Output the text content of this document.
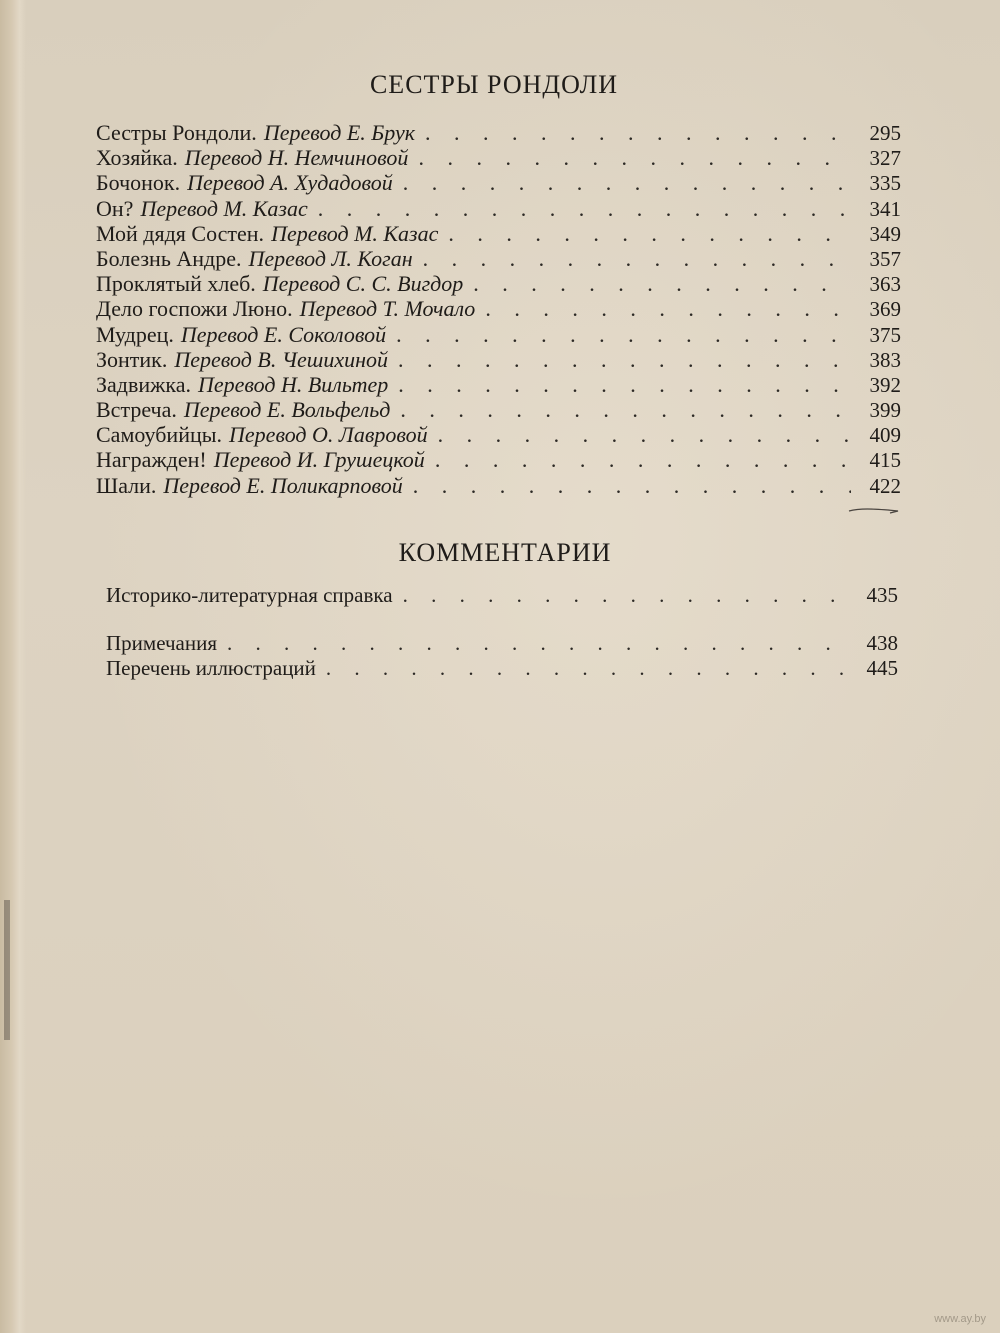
СЕСТРЫ РОНДОЛИ
Сестры Рондоли. Перевод Е. Брук . . .	295
Хозяйка. Перевод Н. Немчиновой . . .	327
Бочонок. Перевод А. Худадовой . . .	335
Он? Перевод М. Казас . . .	341
Мой дядя Состен. Перевод М. Казас . . .	349
Болезнь Андре. Перевод Л. Коган . . .	357
Проклятый хлеб. Перевод С. С. Вигдор . . .	363
Дело госпожи Люно. Перевод Т. Мочало . . .	369
Мудрец. Перевод Е. Соколовой . . .	375
Зонтик. Перевод В. Чешихиной . . .	383
Задвижка. Перевод Н. Вильтер . . .	392
Встреча. Перевод Е. Вольфельд . . .	399
Самоубийцы. Перевод О. Лавровой . . .	409
Награжден! Перевод И. Грушецкой . . .	415
Шали. Перевод Е. Поликарповой . . .	422
КОММЕНТАРИИ
Историко-литературная справка . . .	435
Примечания . . .	438
Перечень иллюстраций . . .	445
www.ay.by
